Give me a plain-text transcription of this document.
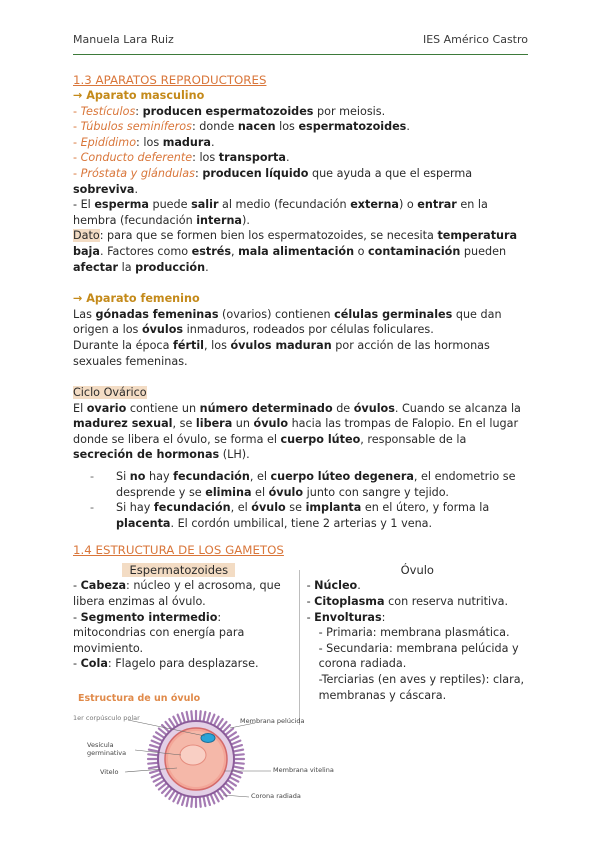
Manuela Lara Ruiz	IES Américo Castro
1.3 APARATOS REPRODUCTORES
→ Aparato masculino
- Testículos: producen espermatozoides por meiosis.
- Túbulos seminíferos: donde nacen los espermatozoides.
- Epidídimo: los madura.
- Conducto deferente: los transporta.
- Próstata y glándulas: producen líquido que ayuda a que el esperma sobreviva.
- El esperma puede salir al medio (fecundación externa) o entrar en la hembra (fecundación interna).
Dato: para que se formen bien los espermatozoides, se necesita temperatura baja. Factores como estrés, mala alimentación o contaminación pueden afectar la producción.
→ Aparato femenino
Las gónadas femeninas (ovarios) contienen células germinales que dan origen a los óvulos inmaduros, rodeados por células foliculares.
Durante la época fértil, los óvulos maduran por acción de las hormonas sexuales femeninas.
Ciclo Ovárico
El ovario contiene un número determinado de óvulos. Cuando se alcanza la madurez sexual, se libera un óvulo hacia las trompas de Falopio. En el lugar donde se libera el óvulo, se forma el cuerpo lúteo, responsable de la secreción de hormonas (LH).
-	Si no hay fecundación, el cuerpo lúteo degenera, el endometrio se desprende y se elimina el óvulo junto con sangre y tejido.
-	Si hay fecundación, el óvulo se implanta en el útero, y forma la placenta. El cordón umbilical, tiene 2 arterias y 1 vena.
1.4 ESTRUCTURA DE LOS GAMETOS
Espermatozoides
- Cabeza: núcleo y el acrosoma, que libera enzimas al óvulo.
- Segmento intermedio: mitocondrias con energía para movimiento.
- Cola: Flagelo para desplazarse.
Óvulo
- Núcleo.
- Citoplasma con reserva nutritiva.
- Envolturas:
- Primaria: membrana plasmática.
- Secundaria: membrana pelúcida y corona radiada.
-Terciarias (en aves y reptiles): clara, membranas y cáscara.
Estructura de un óvulo
1er corpúsculo polar	Membrana pelúcida
Vesícula germinativa
Vitelo	Membrana vitelina
Corona radiada
